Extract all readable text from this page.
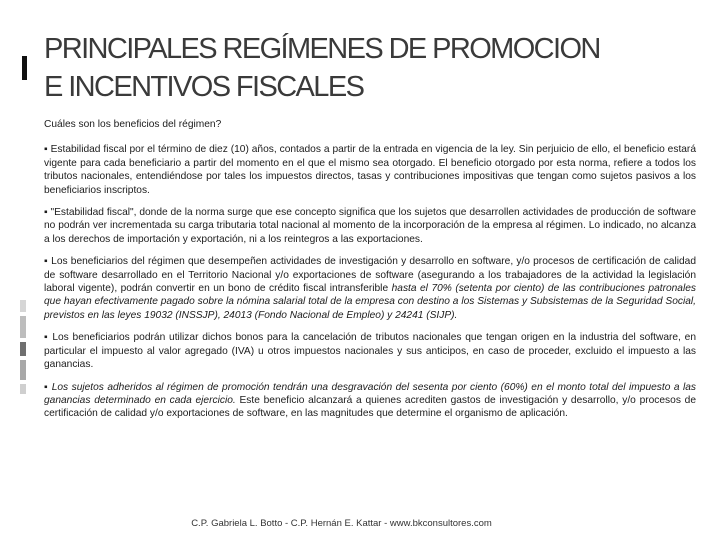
PRINCIPALES REGÍMENES DE PROMOCION
E INCENTIVOS FISCALES

Cuáles son los beneficios del régimen?

▪ Estabilidad fiscal por el término de diez (10) años, contados a partir de la entrada en vigencia de la ley. Sin perjuicio de ello, el beneficio estará vigente para cada beneficiario a partir del momento en el que el mismo sea otorgado. El beneficio otorgado por esta norma, refiere a todos los tributos nacionales, entendiéndose por tales los impuestos directos, tasas y contribuciones impositivas que tengan como sujetos pasivos a los beneficiarios inscriptos.

▪ "Estabilidad fiscal", donde de la norma surge que ese concepto significa que los sujetos que desarrollen actividades de producción de software no podrán ver incrementada su carga tributaria total nacional al momento de la incorporación de la empresa al régimen. Lo indicado, no alcanza a los derechos de importación y exportación, ni a los reintegros a las exportaciones.

▪ Los beneficiarios del régimen que desempeñen actividades de investigación y desarrollo en software, y/o procesos de certificación de calidad de software desarrollado en el Territorio Nacional y/o exportaciones de software (asegurando a los trabajadores de la actividad la legislación laboral vigente), podrán convertir en un bono de crédito fiscal intransferible hasta el 70% (setenta por ciento) de las contribuciones patronales que hayan efectivamente pagado sobre la nómina salarial total de la empresa con destino a los Sistemas y Subsistemas de la Seguridad Social, previstos en las leyes 19032 (INSSJP), 24013 (Fondo Nacional de Empleo) y 24241 (SIJP).

▪ Los beneficiarios podrán utilizar dichos bonos para la cancelación de tributos nacionales que tengan origen en la industria del software, en particular el impuesto al valor agregado (IVA) u otros impuestos nacionales y sus anticipos, en caso de proceder, excluido el impuesto a las ganancias.

▪ Los sujetos adheridos al régimen de promoción tendrán una desgravación del sesenta por ciento (60%) en el monto total del impuesto a las ganancias determinado en cada ejercicio. Este beneficio alcanzará a quienes acrediten gastos de investigación y desarrollo, y/o procesos de certificación de calidad y/o exportaciones de software, en las magnitudes que determine el organismo de aplicación.

C.P. Gabriela L. Botto - C.P. Hernán E. Kattar - www.bkconsultores.com
